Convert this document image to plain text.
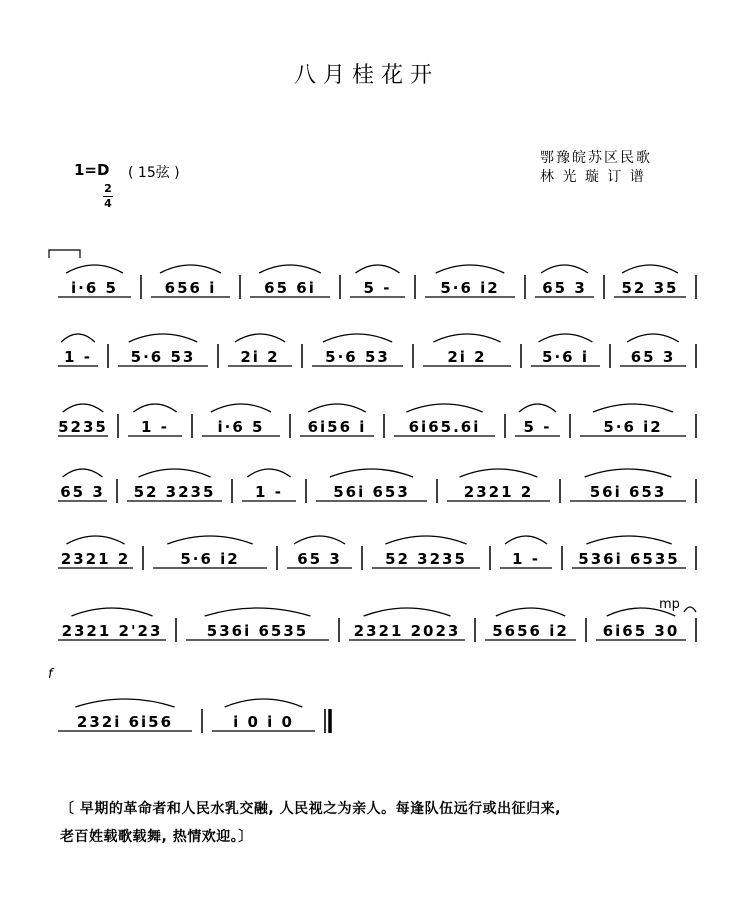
八月桂花开
鄂豫皖苏区民歌
林 光 璇 订 谱
1=D ( 15弦 )
2
4
f
mp
i·6 5	656 i	65 6i	5 -	5·6 i2	65 3 52 35
1 -	5·6 53	2i 2	5·6 53	2i 2	5·6 i	65 3
5235 1 -	i·6 5	6i56 i	6i65.6i	5 -	5·6 i2
65 3 52 3235	1 -	56i 653	2321 2	56i 653
2321 2	5·6 i2	65 3	52 3235	1 -	536i 6535
2321 2'23	536i 6535	2321 2023 5656 i2 6i65 30
232i 6i56	i 0 i 0
〔 早期的革命者和人民水乳交融, 人民视之为亲人。每逢队伍远行或出征归来,
老百姓载歌载舞, 热情欢迎。〕
